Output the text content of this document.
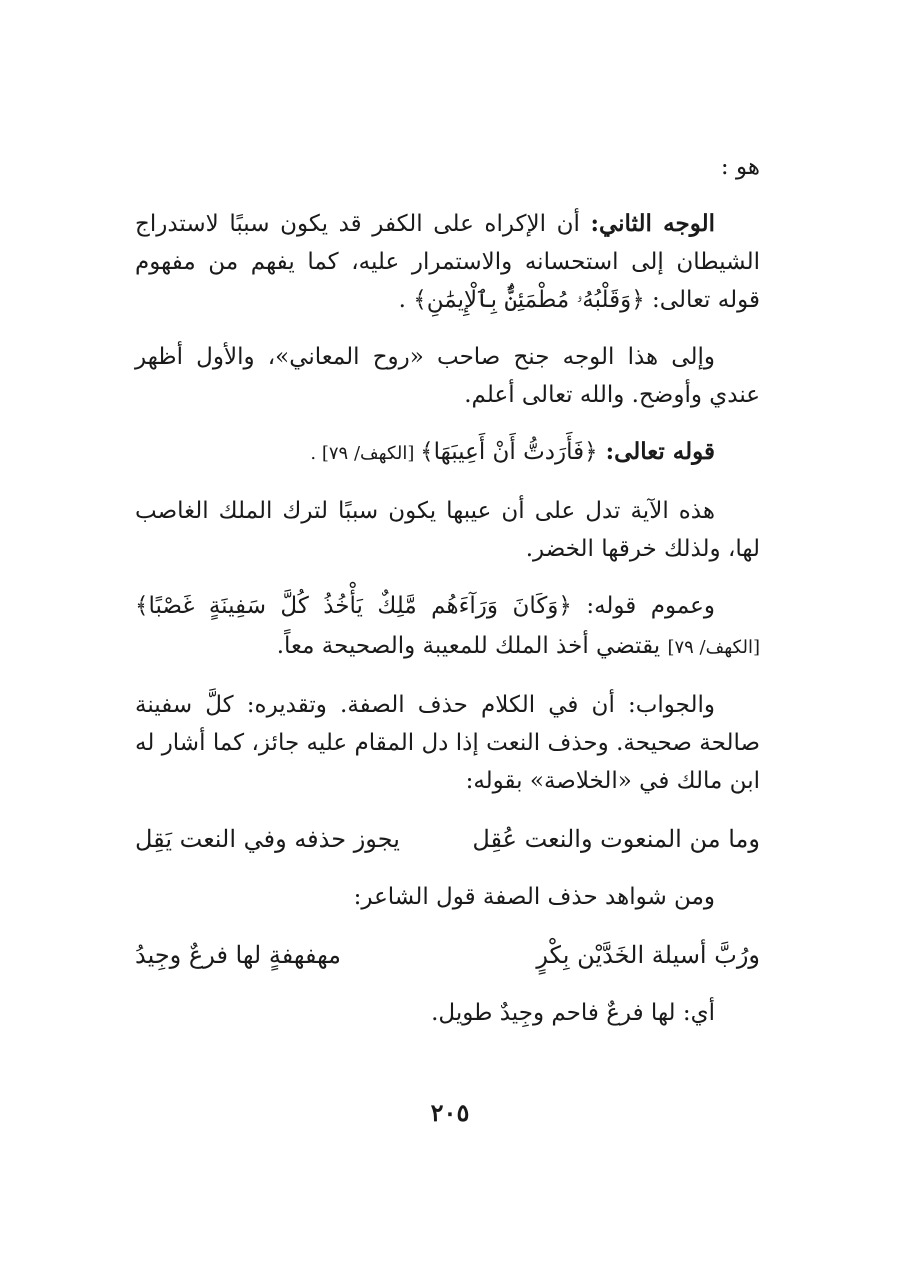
هو :

الوجه الثاني: أن الإكراه على الكفر قد يكون سببًا لاستدراج الشيطان إلى استحسانه والاستمرار عليه، كما يفهم من مفهوم قوله تعالى: ﴿وَقَلْبُهُۥ مُطْمَئِنٌّۢ بِٱلْإِيمَٰنِ﴾ .

وإلى هذا الوجه جنح صاحب «روح المعاني»، والأول أظهر عندي وأوضح. والله تعالى أعلم.

قوله تعالى: ﴿فَأَرَدتُّ أَنْ أَعِيبَهَا﴾ [الكهف/ ٧٩] .

هذه الآية تدل على أن عيبها يكون سببًا لترك الملك الغاصب لها، ولذلك خرقها الخضر.

وعموم قوله: ﴿وَكَانَ وَرَآءَهُم مَّلِكٌ يَأْخُذُ كُلَّ سَفِينَةٍ غَصْبًا﴾ [الكهف/ ٧٩] يقتضي أخذ الملك للمعيبة والصحيحة معاً.

والجواب: أن في الكلام حذف الصفة. وتقديره: كلَّ سفينة صالحة صحيحة. وحذف النعت إذا دل المقام عليه جائز، كما أشار له ابن مالك في «الخلاصة» بقوله:

وما من المنعوت والنعت عُقِل
يجوز حذفه وفي النعت يَقِل

ومن شواهد حذف الصفة قول الشاعر:

ورُبَّ أسيلة الخَدَّيْن بِكْرٍ
مهفهفةٍ لها فرعٌ وجِيدُ

أي: لها فرعٌ فاحم وجِيدٌ طويل.

٢٠٥
